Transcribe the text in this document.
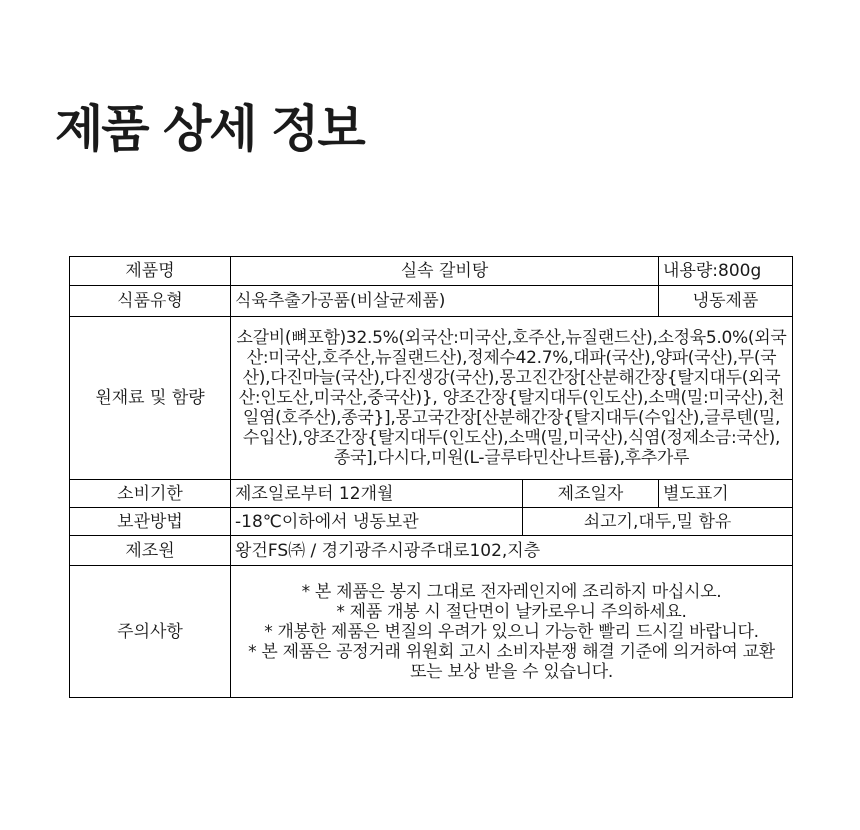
제품 상세 정보
제품명	실속 갈비탕		내용량:800g
식품유형	식육추출가공품(비살균제품)		냉동제품
원재료 및 함량	소갈비(뼈포함)32.5%(외국산:미국산,호주산,뉴질랜드산),소정육5.0%(외국산:미국산,호주산,뉴질랜드산),정제수42.7%,대파(국산),양파(국산),무(국산),다진마늘(국산),다진생강(국산),몽고진간장[산분해간장{탈지대두(외국산:인도산,미국산,중국산)}, 양조간장{탈지대두(인도산),소맥(밀:미국산),천일염(호주산),종국}],몽고국간장[산분해간장{탈지대두(수입산),글루텐(밀,수입산),양조간장{탈지대두(인도산),소맥(밀,미국산),식염(정제소금:국산),종국],다시다,미원(L-글루타민산나트륨),후추가루		
소비기한	제조일로부터 12개월	제조일자	별도표기
보관방법	-18℃이하에서 냉동보관	쇠고기,대두,밀 함유	
제조원	왕건FS㈜ / 경기광주시광주대로102,지층		
주의사항	* 본 제품은 봉지 그대로 전자레인지에 조리하지 마십시오.
* 제품 개봉 시 절단면이 날카로우니 주의하세요.
* 개봉한 제품은 변질의 우려가 있으니 가능한 빨리 드시길 바랍니다.
* 본 제품은 공정거래 위원회 고시 소비자분쟁 해결 기준에 의거하여 교환
또는 보상 받을 수 있습니다.		
